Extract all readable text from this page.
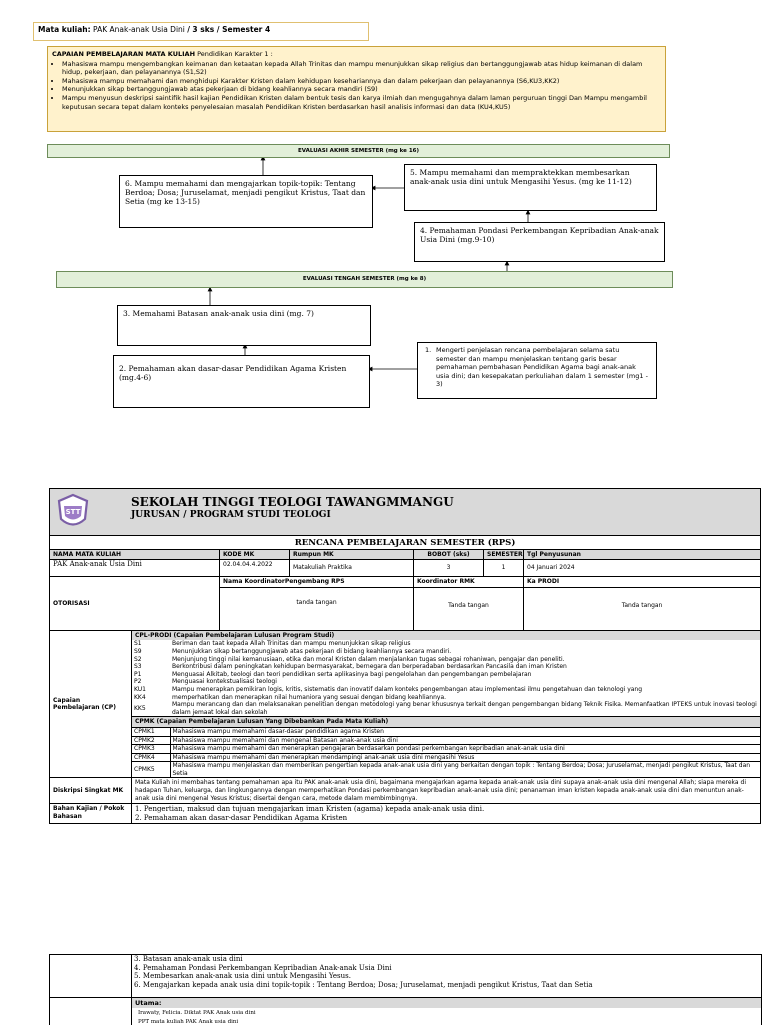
Mata kuliah: PAK Anak-anak Usia Dini / 3 sks / Semester 4
CAPAIAN PEMBELAJARAN MATA KULIAH Pendidikan Karakter 1 :
• Mahasiswa mampu mengembangkan keimanan dan ketaatan kepada Allah Trinitas dan mampu menunjukkan sikap religius dan bertanggungjawab atas hidup keimanan di dalam hidup, pekerjaan, dan pelayanannya (S1,S2)
• Mahasiswa mampu memahami dan menghidupi Karakter Kristen dalam kehidupan kesehariannya dan dalam pekerjaan dan pelayanannya (S6,KU3,KK2)
• Menunjukkan sikap bertanggungjawab atas pekerjaan di bidang keahliannya secara mandiri (S9)
• Mampu menyusun deskripsi saintifik hasil kajian Pendidikan Kristen dalam bentuk tesis dan karya ilmiah dan mengugahnya dalam laman perguruan tinggi Dan Mampu mengambil keputusan secara tepat dalam konteks penyelesaian masalah Pendidikan Kristen berdasarkan hasil analisis informasi dan data (KU4,KU5)
EVALUASI AKHIR SEMESTER (mg ke 16)
6. Mampu memahami dan mengajarkan topik-topik: Tentang Berdoa; Dosa; Juruselamat, menjadi pengikut Kristus, Taat dan Setia (mg ke 13-15)
5. Mampu memahami dan mempraktekkan membesarkan anak-anak usia dini untuk Mengasihi Yesus. (mg ke 11-12)
4. Pemahaman Pondasi Perkembangan Kepribadian Anak-anak Usia Dini (mg.9-10)
EVALUASI TENGAH SEMESTER (mg ke 8)
3. Memahami Batasan anak-anak usia dini (mg. 7)
2. Pemahaman akan dasar-dasar Pendidikan Agama Kristen (mg.4-6)
1. Mengerti penjelasan rencana pembelajaran selama satu semester dan mampu menjelaskan tentang garis besar pemahaman pembahasan Pendidikan Agama bagi anak-anak usia dini; dan kesepakatan perkuliahan dalam 1 semester (mg1 - 3)
STT
SEKOLAH TINGGI TEOLOGI TAWANGMMANGU
JURUSAN / PROGRAM STUDI TEOLOGI

RENCANA PEMBELAJARAN SEMESTER (RPS)
NAMA MATA KULIAH	KODE MK	Rumpun MK	BOBOT (sks)	SEMESTER	Tgl Penyusunan
PAK Anak-anak Usia Dini	02.04.04.4.2022	Matakuliah Praktika	3	1	04 Januari 2024
OTORISASI	Nama KoordinatorPengembang RPS	Koordinator RMK	Ka PRODI
tanda tangan	Tanda tangan	Tanda tangan
Capaian Pembelajaran (CP)	
CPL-PRODI (Capaian Pembelajaran Lulusan Program Studi)
S1	Beriman dan taat kepada Allah Trinitas dan mampu menunjukkan sikap religius
S9	Menunjukkan sikap bertanggungjawab atas pekerjaan di bidang keahliannya secara mandiri.
S2	Menjunjung tinggi nilai kemanusiaan, etika dan moral Kristen dalam menjalankan tugas sebagai rohaniwan, pengajar dan peneliti.
S3	Berkontribusi dalam peningkatan kehidupan bermasyarakat, bernegara dan berperadaban berdasarkan Pancasila dan iman Kristen
P1	Menguasai Alkitab, teologi dan teori pendidikan serta aplikasinya bagi pengelolahan dan pengembangan pembelajaran
P2	Menguasai kontekstualisasi teologi
KU1	Mampu menerapkan pemikiran logis, kritis, sistematis dan inovatif dalam konteks pengembangan atau implementasi ilmu pengetahuan dan teknologi yang
KK4	memperhatikan dan menerapkan nilai humaniora yang sesuai dengan bidang keahliannya.
KK5	Mampu merancang dan dan melaksanakan penelitian dengan metodologi yang benar khususnya terkait dengan pengembangan bidang Teknik Fisika. Memanfaatkan IPTEKS untuk inovasi teologi dalam jemaat lokal dan sekolah
CPMK (Capaian Pembelajaran Lulusan Yang Dibebankan Pada Mata Kuliah)
CPMK1	Mahasiswa mampu memahami dasar-dasar pendidikan agama Kristen
CPMK2	Mahasiswa mampu memahami dan mengenal Batasan anak-anak usia dini
CPMK3	Mahasiswa mampu memahami dan menerapkan pengajaran berdasarkan pondasi perkembangan kepribadian anak-anak usia dini
CPMK4	Mahasiswa mampu memahami dan menerapkan mendampingi anak-anak usia dini mengasihi Yesus
CPMK5	Mahasiswa mampu menjelaskan dan memberikan pengertian kepada anak-anak usia dini yang berkaitan dengan topik : Tentang Berdoa; Dosa; Juruselamat, menjadi pengikut Kristus, Taat dan Setia

Diskripsi Singkat MK	Mata Kuliah ini membahas tentang pemahaman apa itu PAK anak-anak usia dini, bagaimana mengajarkan agama kepada anak-anak usia dini supaya anak-anak usia dini mengenal Allah; siapa mereka di hadapan Tuhan, keluarga, dan lingkungannya dengan memperhatikan Pondasi perkembangan kepribadian anak-anak usia dini; penanaman iman kristen kepada anak-anak usia dini dan menuntun anak-anak usia dini mengenal Yesus Kristus; disertai dengan cara, metode dalam membimbingnya.
Bahan Kajian / Pokok Bahasan	
1. Pengertian, maksud dan tujuan mengajarkan iman Kristen (agama) kepada anak-anak usia dini.
2. Pemahaman akan dasar-dasar Pendidikan Agama Kristen
3. Batasan anak-anak usia dini
4. Pemahaman Pondasi Perkembangan Kepribadian Anak-anak Usia Dini
5. Membesarkan anak-anak usia dini untuk Mengasihi Yesus.
6. Mengajarkan kepada anak usia dini topik-topik : Tentang Berdoa; Dosa; Juruselamat, menjadi pengikut Kristus, Taat dan Setia
Utama:
Irawaty, Felicia. Diktat PAK Anak usia dini
PPT mata kuliah PAK Anak usia dini
